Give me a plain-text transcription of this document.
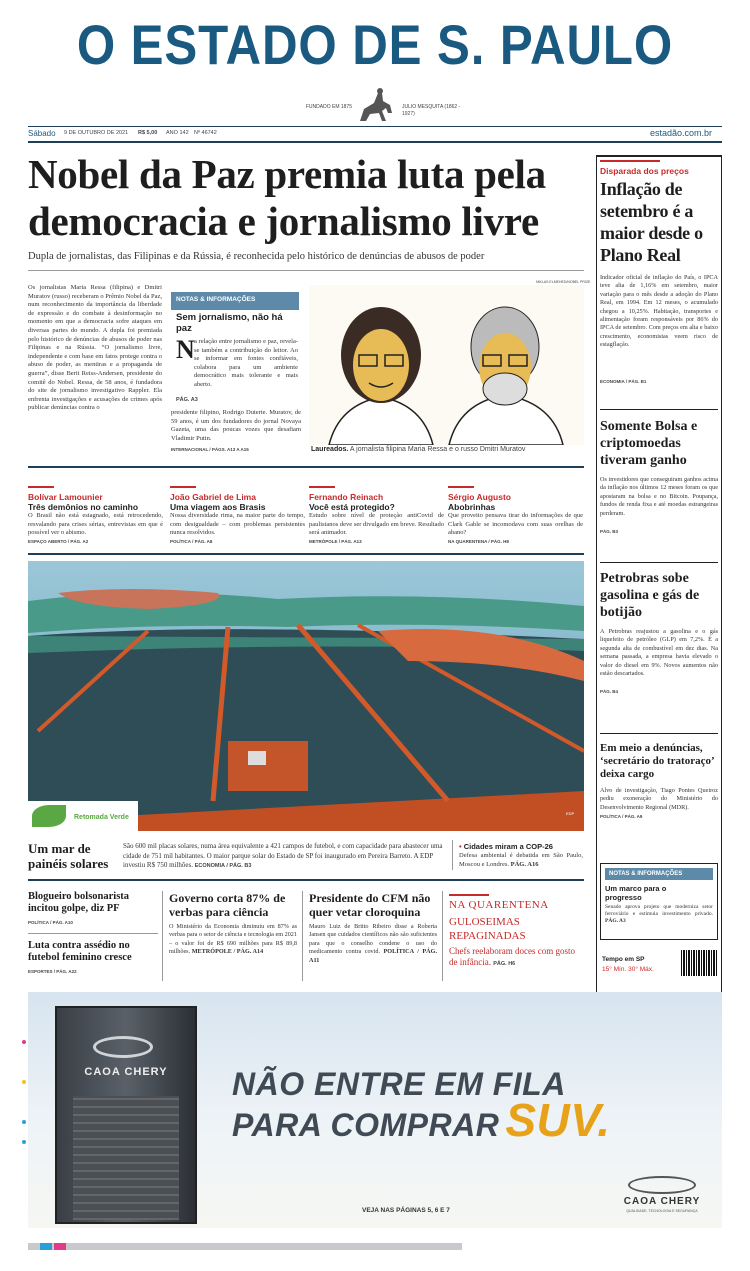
O ESTADO DE S. PAULO
FUNDADO EM 1875	JULIO MESQUITA (1862 - 1927)
Sábado 9 DE OUTUBRO DE 2021 R$ 5,00 ANO 142 Nº 46742	estadão.com.br
Nobel da Paz premia luta pela
democracia e jornalismo livre
Dupla de jornalistas, das Filipinas e da Rússia, é reconhecida pelo histórico de denúncias de abusos de poder
Os jornalistas Maria Ressa (filipina) e Dmitri Muratov (russo) receberam o Prêmio Nobel da Paz, num reconhecimento da importância da liberdade de expressão e do combate à desinformação no momento em que a democracia sofre ataques em diversas partes do mundo. A dupla foi premiada pelo histórico de denúncias de abusos de poder nas Filipinas e na Rússia. “O jornalismo livre, independente e com base em fatos protege contra o abuso de poder, as mentiras e a propaganda de guerra”, disse Berit Reiss-Andersen, presidente do comitê do Nobel. Ressa, de 58 anos, é fundadora do site de jornalismo investigativo Rappler. Ela enfrenta investigações e acusações de crimes após publicar denúncias contra o
NOTAS & INFORMAÇÕES
Sem jornalismo, não há paz
N a relação entre jornalismo e paz, revela-se também a contribuição do leitor. Ao se informar em fontes confiáveis, colabora para um ambiente democrático mais tolerante e mais aberto.
PÁG. A3
presidente filipino, Rodrigo Duterte. Muratov, de 59 anos, é um dos fundadores do jornal Novaya Gazeta, uma das poucas vozes que desafiam Vladimir Putin.
INTERNACIONAL / PÁGS. A13 A A15
NIKLAS ELMEHED/NOBEL PRIZE
Laureados. A jornalista filipina Maria Ressa e o russo Dmitri Muratov
Bolívar Lamounier
Três demônios no caminho
O Brasil não está estagnado, está retrocedendo, resvalando para crises sérias, entrevistas em que é possível ver o abismo.
ESPAÇO ABERTO / PÁG. A2
João Gabriel de Lima
Uma viagem aos Brasis
Nossa diversidade rima, na maior parte do tempo, com desigualdade – com problemas persistentes nunca resolvidos.
POLÍTICA / PÁG. A8
Fernando Reinach
Você está protegido?
Estudo sobre nível de proteção antiCovid de paulistanos deve ser divulgado em breve. Resultado será animador.
METRÓPOLE / PÁG. A13
Sérgio Augusto
Abobrinhas
Que proveito pensava tirar do informações de que Clark Gable se incomodava com suas orelhas de abano?
NA QUARENTENA / PÁG. H8
Retomada Verde
EDP
Um mar de
painéis solares
São 600 mil placas solares, numa área equivalente a 421 campos de futebol, e com capacidade para abastecer uma cidade de 751 mil habitantes. O maior parque solar do Estado de SP foi inaugurado em Pereira Barreto. A EDP investiu R$ 750 milhões. ECONOMIA / PÁG. B3
• Cidades miram a COP-26
Defesa ambiental é debatida em São Paulo, Moscou e Londres. PÁG. A16
Disparada dos preços
Inflação de setembro é a maior desde o Plano Real
Indicador oficial de inflação do País, o IPCA teve alta de 1,16% em setembro, maior variação para o mês desde a adoção do Plano Real, em 1994. Em 12 meses, o acumulado chegou a 10,25%. Habitação, transportes e alimentação foram responsáveis por 86% do IPCA de setembro. Com preços em alta e baixo crescimento, economistas veem risco de estagflação.
ECONOMIA / PÁG. B1
Somente Bolsa e criptomoedas tiveram ganho
Os investidores que conseguiram ganhos acima da inflação nos últimos 12 meses foram os que apostaram na bolsa e no Bitcoin. Poupança, fundos de renda fixa e até moedas estrangeiras perderam.
PÁG. B3
Petrobras sobe gasolina e gás de botijão
A Petrobras reajustou a gasolina e o gás liquefeito de petróleo (GLP) em 7,2%. É a segunda alta de combustível em dez dias. Na semana passada, a empresa havia elevado o valor do diesel em 9%. Novos aumentos não estão descartados.
PÁG. B4
Em meio a denúncias, ‘secretário do tratoraço’ deixa cargo
Alvo de investigação, Tiago Pontes Queiroz pediu exoneração do Ministério do Desenvolvimento Regional (MDR).
POLÍTICA / PÁG. A9
NOTAS & INFORMAÇÕES
Um marco para o progresso
Senado aprova projeto que moderniza setor ferroviário e estimula investimento privado. PÁG. A3
Tempo em SP
15° Mín. 30° Máx.
Blogueiro bolsonarista incitou golpe, diz PF
POLÍTICA / PÁG. A10
Luta contra assédio no futebol feminino cresce
ESPORTES / PÁG. A22
Governo corta 87% de verbas para ciência
O Ministério da Economia diminuiu em 87% as verbas para o setor de ciência e tecnologia em 2021 – o valor foi de R$ 690 milhões para R$ 89,8 milhões. METRÓPOLE / PÁG. A14
Presidente do CFM não quer vetar cloroquina
Mauro Luiz de Britto Ribeiro disse a Roberta Jansen que cuidados científicos não são suficientes para que o conselho condene o uso do medicamento contra covid. POLÍTICA / PÁG. A11
NA QUARENTENA
GULOSEIMAS REPAGINADAS
Chefs reelaboram doces com gosto de infância. PÁG. H6
CAOA CHERY	NÃO ENTRE EM FILA
PARA COMPRAR SUV.
VEJA NAS PÁGINAS 5, 6 E 7
CAOA CHERY
QUALIDADE, TECNOLOGIA E SEGURANÇA
